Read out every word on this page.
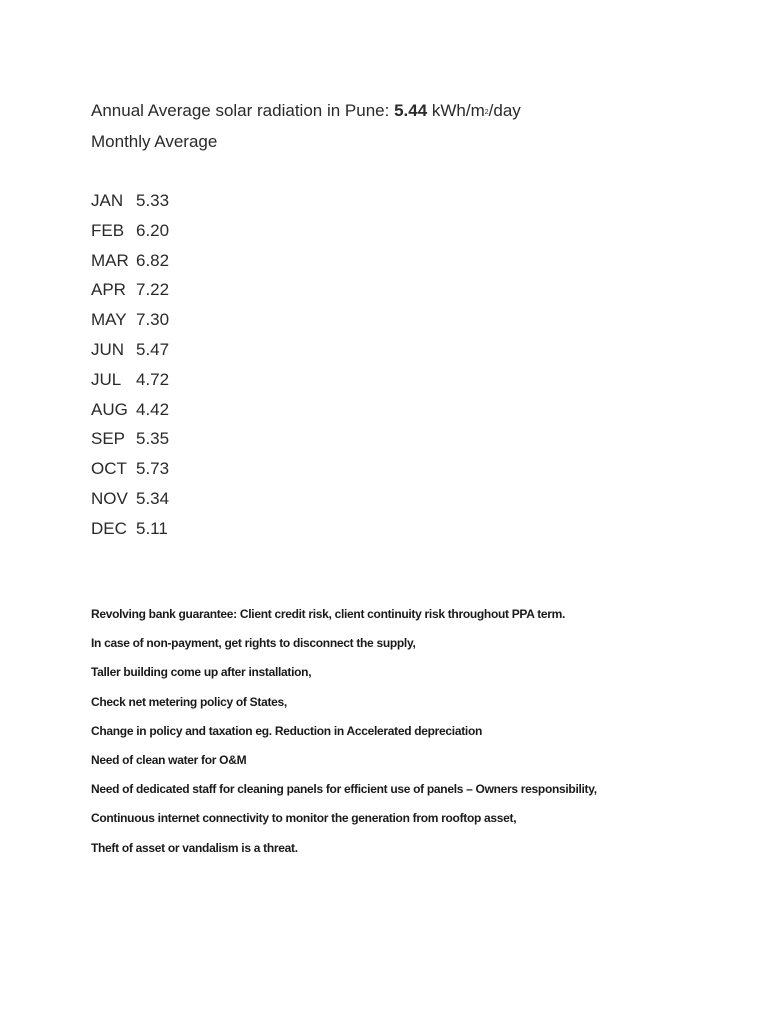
Annual Average solar radiation in Pune: 5.44 kWh/$m^2$/day
Monthly Average
JAN 5.33
FEB 6.20
MAR 6.82
APR 7.22
MAY 7.30
JUN 5.47
JUL 4.72
AUG 4.42
SEP 5.35
OCT 5.73
NOV 5.34
DEC 5.11
Revolving bank guarantee: Client credit risk, client continuity risk throughout PPA term.
In case of non-payment, get rights to disconnect the supply,
Taller building come up after installation,
Check net metering policy of States,
Change in policy and taxation eg. Reduction in Accelerated depreciation
Need of clean water for O&M
Need of dedicated staff for cleaning panels for efficient use of panels – Owners responsibility,
Continuous internet connectivity to monitor the generation from rooftop asset,
Theft of asset or vandalism is a threat.
